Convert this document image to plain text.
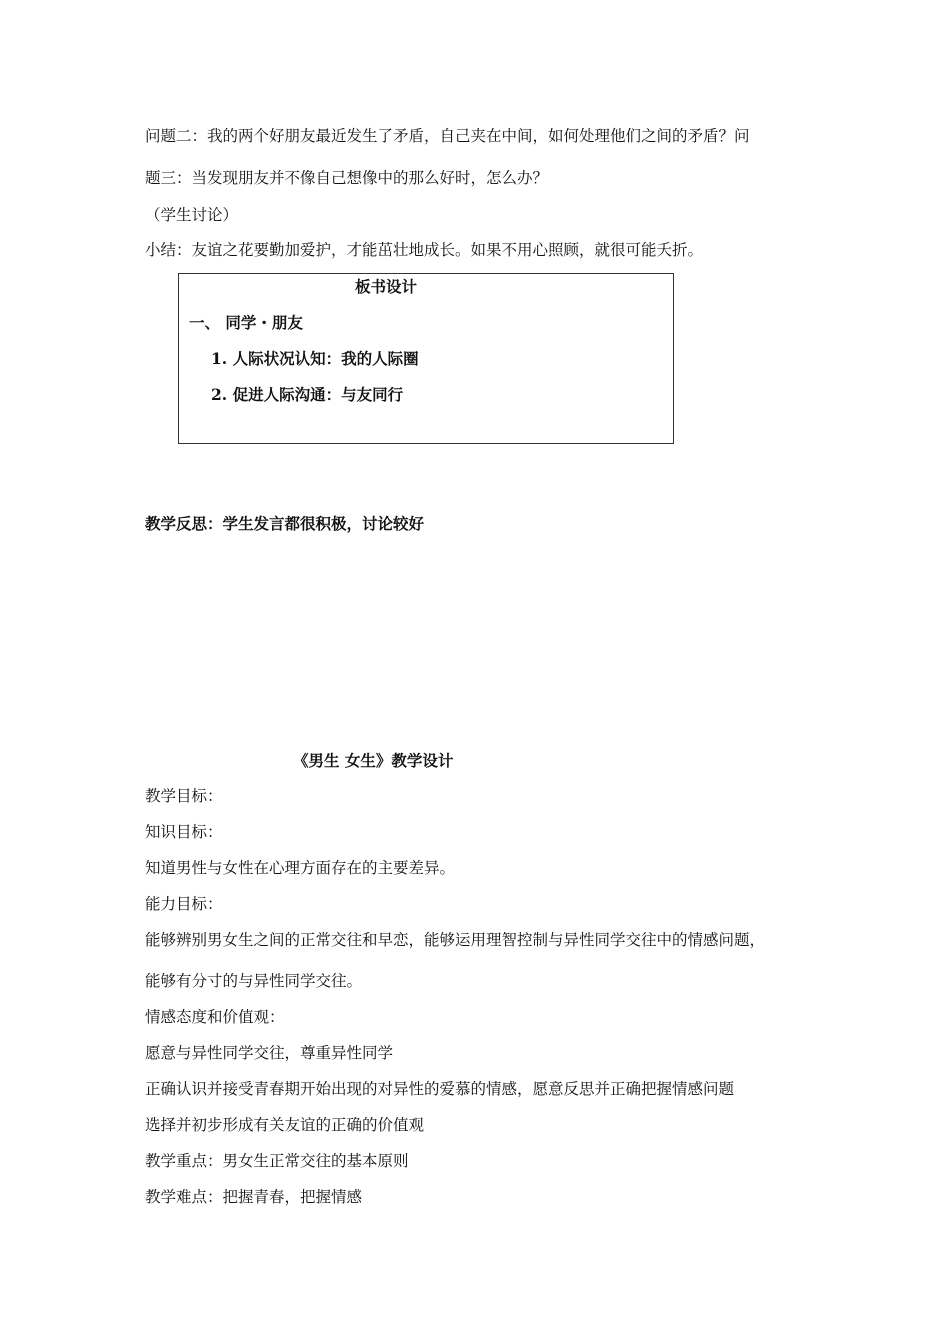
问题二：我的两个好朋友最近发生了矛盾，自己夹在中间，如何处理他们之间的矛盾？问
题三：当发现朋友并不像自己想像中的那么好时，怎么办？
（学生讨论）
小结：友谊之花要勤加爱护，才能茁壮地成长。如果不用心照顾，就很可能夭折。
板书设计
一、 同学・朋友
1. 人际状况认知：我的人际圈
2. 促进人际沟通：与友同行
教学反思：学生发言都很积极，讨论较好
《男生 女生》教学设计
教学目标：
知识目标：
知道男性与女性在心理方面存在的主要差异。
能力目标：
能够辨别男女生之间的正常交往和早恋，能够运用理智控制与异性同学交往中的情感问题，
能够有分寸的与异性同学交往。
情感态度和价值观：
愿意与异性同学交往，尊重异性同学
正确认识并接受青春期开始出现的对异性的爱慕的情感，愿意反思并正确把握情感问题
选择并初步形成有关友谊的正确的价值观
教学重点：男女生正常交往的基本原则
教学难点：把握青春，把握情感
